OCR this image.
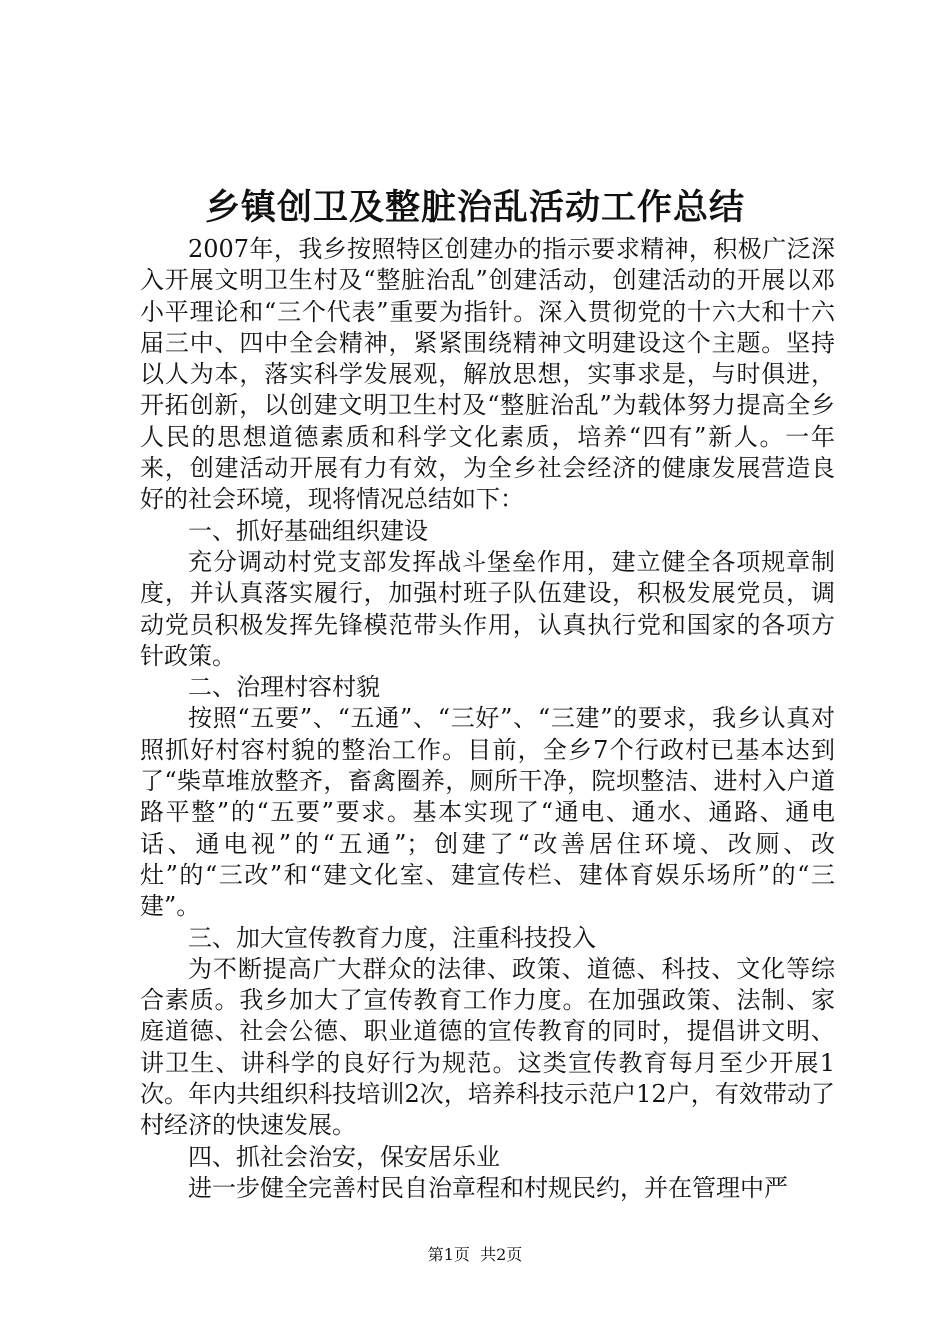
乡镇创卫及整脏治乱活动工作总结

2007年，我乡按照特区创建办的指示要求精神，积极广泛深入开展文明卫生村及“整脏治乱”创建活动，创建活动的开展以邓小平理论和“三个代表”重要为指针。深入贯彻党的十六大和十六届三中、四中全会精神，紧紧围绕精神文明建设这个主题。坚持以人为本，落实科学发展观，解放思想，实事求是，与时俱进，开拓创新，以创建文明卫生村及“整脏治乱”为载体努力提高全乡人民的思想道德素质和科学文化素质，培养“四有”新人。一年来，创建活动开展有力有效，为全乡社会经济的健康发展营造良好的社会环境，现将情况总结如下：

一、抓好基础组织建设

充分调动村党支部发挥战斗堡垒作用，建立健全各项规章制度，并认真落实履行，加强村班子队伍建设，积极发展党员，调动党员积极发挥先锋模范带头作用，认真执行党和国家的各项方针政策。

二、治理村容村貌

按照“五要”、“五通”、“三好”、“三建”的要求，我乡认真对照抓好村容村貌的整治工作。目前，全乡7个行政村已基本达到了“柴草堆放整齐，畜禽圈养，厕所干净，院坝整洁、进村入户道路平整”的“五要”要求。基本实现了“通电、通水、通路、通电话、通电视”的“五通”；创建了“改善居住环境、改厕、改灶”的“三改”和“建文化室、建宣传栏、建体育娱乐场所”的“三建”。

三、加大宣传教育力度，注重科技投入

为不断提高广大群众的法律、政策、道德、科技、文化等综合素质。我乡加大了宣传教育工作力度。在加强政策、法制、家庭道德、社会公德、职业道德的宣传教育的同时，提倡讲文明、讲卫生、讲科学的良好行为规范。这类宣传教育每月至少开展1次。年内共组织科技培训2次，培养科技示范户12户，有效带动了村经济的快速发展。

四、抓社会治安，保安居乐业

进一步健全完善村民自治章程和村规民约，并在管理中严

第1页  共2页
